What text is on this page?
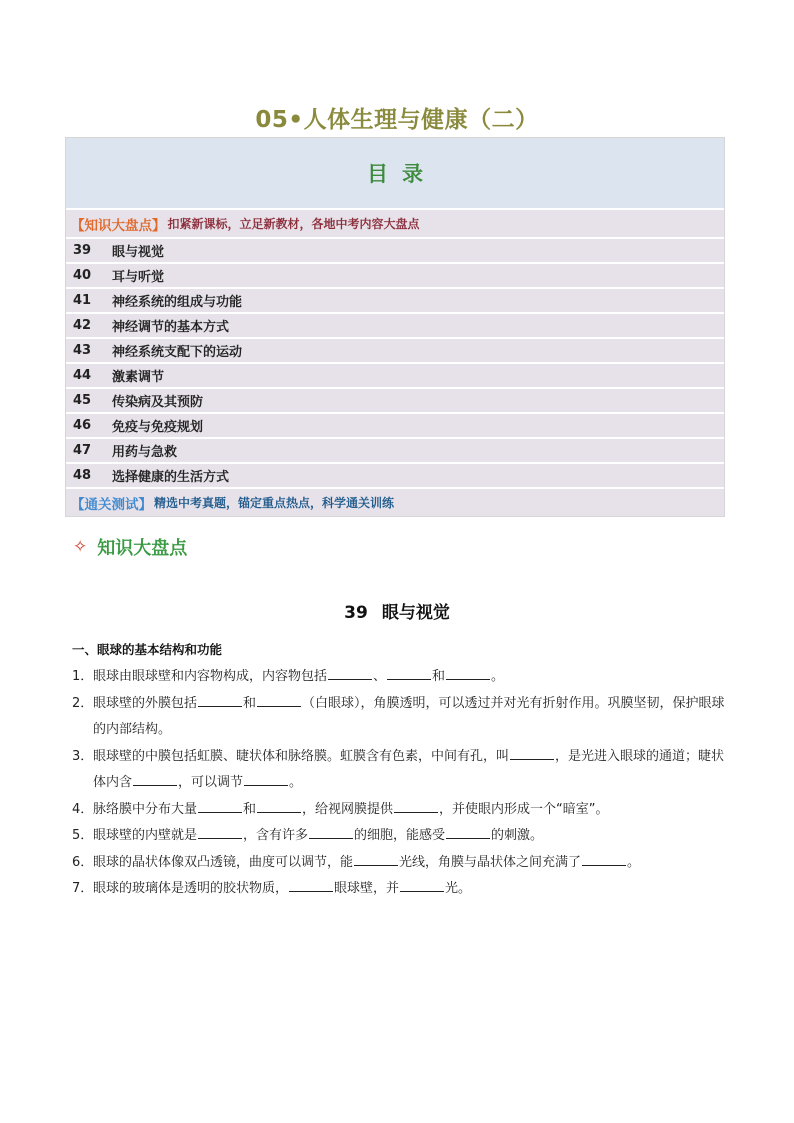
05•人体生理与健康（二）
目录
【知识大盘点】 扣紧新课标，立足新教材，各地中考内容大盘点
39	眼与视觉
40	耳与听觉
41	神经系统的组成与功能
42	神经调节的基本方式
43	神经系统支配下的运动
44	激素调节
45	传染病及其预防
46	免疫与免疫规划
47	用药与急救
48	选择健康的生活方式
【通关测试】 精选中考真题，锚定重点热点，科学通关训练
✧ 知识大盘点
39 眼与视觉
一、眼球的基本结构和功能
1． 眼球由眼球壁和内容物构成，内容物包括	、	和	。
2． 眼球壁的外膜包括	和	（白眼球），角膜透明，可以透过并对光有折射作用。巩膜坚韧，保护眼球的内部结构。
3． 眼球壁的中膜包括虹膜、睫状体和脉络膜。虹膜含有色素，中间有孔，叫	，是光进入眼球的通道；睫状体内含	，可以调节	。
4． 脉络膜中分布大量	和	，给视网膜提供	，并使眼内形成一个“暗室”。
5． 眼球壁的内壁就是	，含有许多	的细胞，能感受	的刺激。
6． 眼球的晶状体像双凸透镜，曲度可以调节，能	光线，角膜与晶状体之间充满了	。
7． 眼球的玻璃体是透明的胶状物质，	眼球壁，并	光。
